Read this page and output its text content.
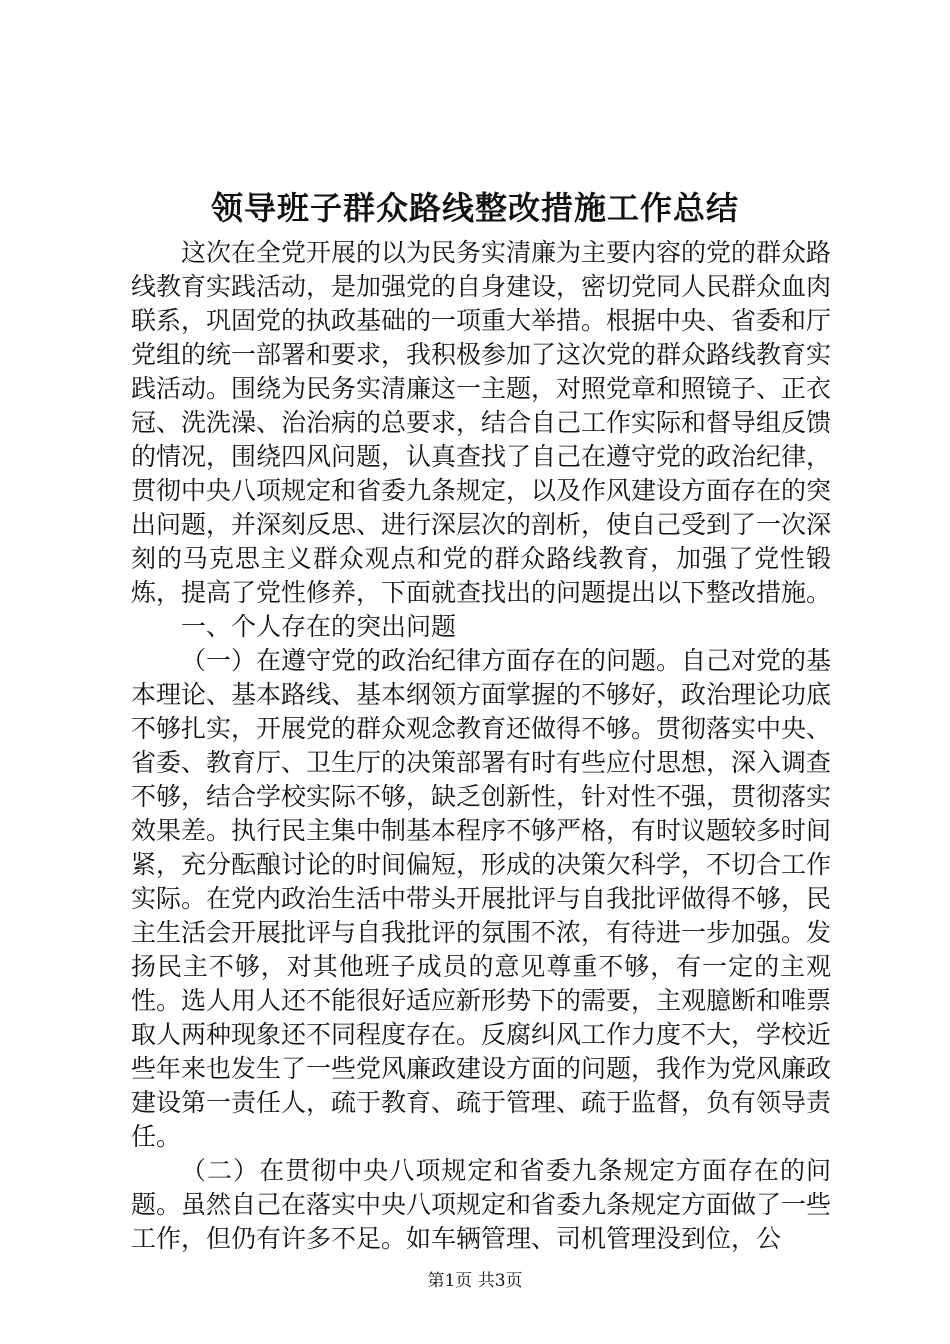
领导班子群众路线整改措施工作总结

这次在全党开展的以为民务实清廉为主要内容的党的群众路线教育实践活动，是加强党的自身建设，密切党同人民群众血肉联系，巩固党的执政基础的一项重大举措。根据中央、省委和厅党组的统一部署和要求，我积极参加了这次党的群众路线教育实践活动。围绕为民务实清廉这一主题，对照党章和照镜子、正衣冠、洗洗澡、治治病的总要求，结合自己工作实际和督导组反馈的情况，围绕四风问题，认真查找了自己在遵守党的政治纪律，贯彻中央八项规定和省委九条规定，以及作风建设方面存在的突出问题，并深刻反思、进行深层次的剖析，使自己受到了一次深刻的马克思主义群众观点和党的群众路线教育，加强了党性锻炼，提高了党性修养，下面就查找出的问题提出以下整改措施。

一、个人存在的突出问题

（一）在遵守党的政治纪律方面存在的问题。自己对党的基本理论、基本路线、基本纲领方面掌握的不够好，政治理论功底不够扎实，开展党的群众观念教育还做得不够。贯彻落实中央、省委、教育厅、卫生厅的决策部署有时有些应付思想，深入调查不够，结合学校实际不够，缺乏创新性，针对性不强，贯彻落实效果差。执行民主集中制基本程序不够严格，有时议题较多时间紧，充分酝酿讨论的时间偏短，形成的决策欠科学，不切合工作实际。在党内政治生活中带头开展批评与自我批评做得不够，民主生活会开展批评与自我批评的氛围不浓，有待进一步加强。发扬民主不够，对其他班子成员的意见尊重不够，有一定的主观性。选人用人还不能很好适应新形势下的需要，主观臆断和唯票取人两种现象还不同程度存在。反腐纠风工作力度不大，学校近些年来也发生了一些党风廉政建设方面的问题，我作为党风廉政建设第一责任人，疏于教育、疏于管理、疏于监督，负有领导责任。

（二）在贯彻中央八项规定和省委九条规定方面存在的问题。虽然自己在落实中央八项规定和省委九条规定方面做了一些工作，但仍有许多不足。如车辆管理、司机管理没到位，公

第1页 共3页
